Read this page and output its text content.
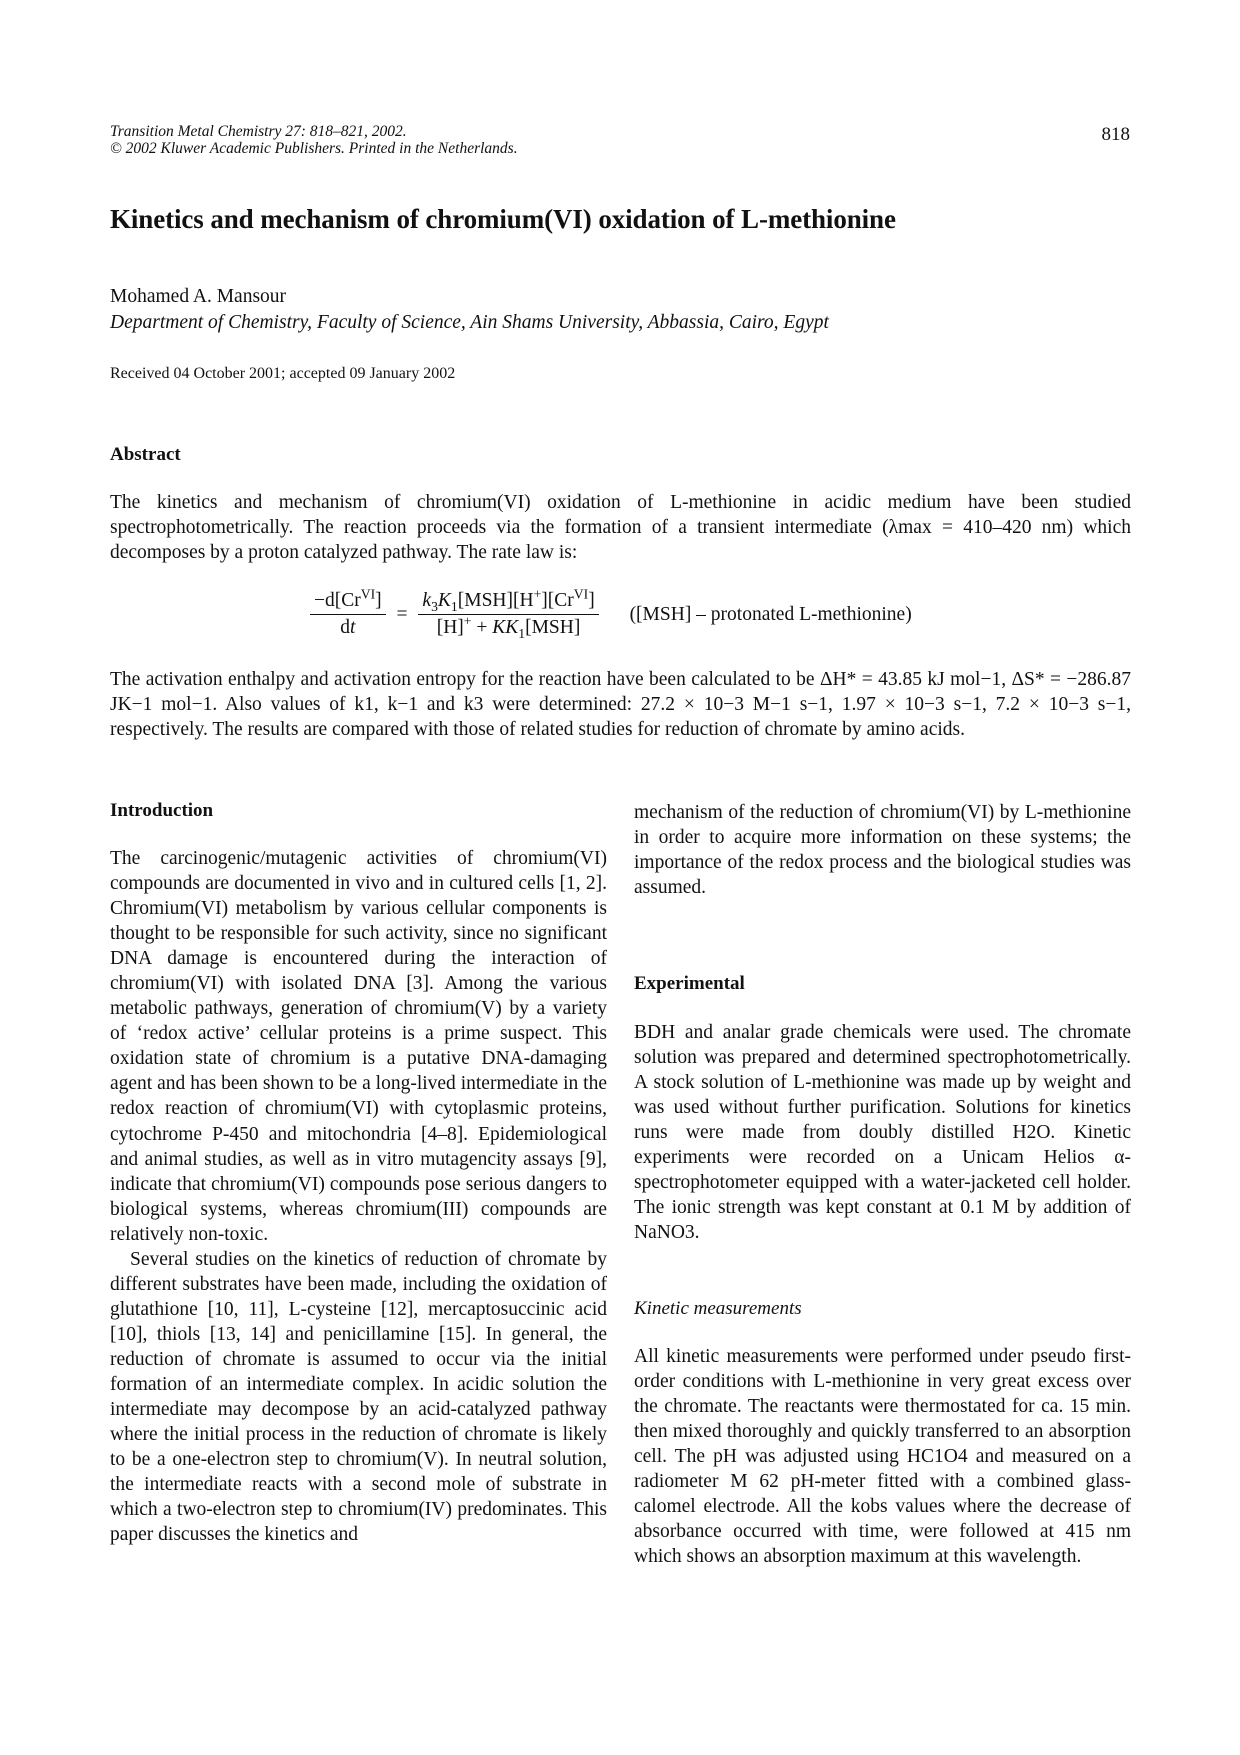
Transition Metal Chemistry 27: 818–821, 2002.
© 2002 Kluwer Academic Publishers. Printed in the Netherlands.
818
Kinetics and mechanism of chromium(VI) oxidation of L-methionine
Mohamed A. Mansour
Department of Chemistry, Faculty of Science, Ain Shams University, Abbassia, Cairo, Egypt
Received 04 October 2001; accepted 09 January 2002
Abstract
The kinetics and mechanism of chromium(VI) oxidation of L-methionine in acidic medium have been studied spectrophotometrically. The reaction proceeds via the formation of a transient intermediate (λmax = 410–420 nm) which decomposes by a proton catalyzed pathway. The rate law is:
$\frac{-d[Cr^{VI}]}{dt} = \frac{k_3K_1[MSH][H^+][Cr^{VI}]}{[H]^+ + KK_1[MSH]} ([MSH]$ – protonated L-methionine)
The activation enthalpy and activation entropy for the reaction have been calculated to be ΔH* = 43.85 kJ mol−1, ΔS* = −286.87 JK−1 mol−1. Also values of k1, k−1 and k3 were determined: 27.2 × 10−3 M−1 s−1, 1.97 × 10−3 s−1, 7.2 × 10−3 s−1, respectively. The results are compared with those of related studies for reduction of chromate by amino acids.
Introduction

The carcinogenic/mutagenic activities of chromium(VI) compounds are documented in vivo and in cultured cells [1, 2]. Chromium(VI) metabolism by various cellular components is thought to be responsible for such activity, since no significant DNA damage is encountered during the interaction of chromium(VI) with isolated DNA [3]. Among the various metabolic pathways, generation of chromium(V) by a variety of ‘redox active’ cellular proteins is a prime suspect. This oxidation state of chromium is a putative DNA-damaging agent and has been shown to be a long-lived intermediate in the redox reaction of chromium(VI) with cytoplasmic proteins, cytochrome P-450 and mitochondria [4–8]. Epidemiological and animal studies, as well as in vitro mutagencity assays [9], indicate that chromium(VI) compounds pose serious dangers to biological systems, whereas chromium(III) compounds are relatively non-toxic.

Several studies on the kinetics of reduction of chromate by different substrates have been made, including the oxidation of glutathione [10, 11], L-cysteine [12], mercaptosuccinic acid [10], thiols [13, 14] and penicillamine [15]. In general, the reduction of chromate is assumed to occur via the initial formation of an intermediate complex. In acidic solution the intermediate may decompose by an acid-catalyzed pathway where the initial process in the reduction of chromate is likely to be a one-electron step to chromium(V). In neutral solution, the intermediate reacts with a second mole of substrate in which a two-electron step to chromium(IV) predominates. This paper discusses the kinetics and

mechanism of the reduction of chromium(VI) by L-methionine in order to acquire more information on these systems; the importance of the redox process and the biological studies was assumed.
Experimental
BDH and analar grade chemicals were used. The chromate solution was prepared and determined spectrophotometrically. A stock solution of L-methionine was made up by weight and was used without further purification. Solutions for kinetics runs were made from doubly distilled H2O. Kinetic experiments were recorded on a Unicam Helios α-spectrophotometer equipped with a water-jacketed cell holder. The ionic strength was kept constant at 0.1 M by addition of NaNO3.
Kinetic measurements
All kinetic measurements were performed under pseudo first-order conditions with L-methionine in very great excess over the chromate. The reactants were thermostated for ca. 15 min. then mixed thoroughly and quickly transferred to an absorption cell. The pH was adjusted using HC1O4 and measured on a radiometer M 62 pH-meter fitted with a combined glass-calomel electrode. All the kobs values where the decrease of absorbance occurred with time, were followed at 415 nm which shows an absorption maximum at this wavelength.
